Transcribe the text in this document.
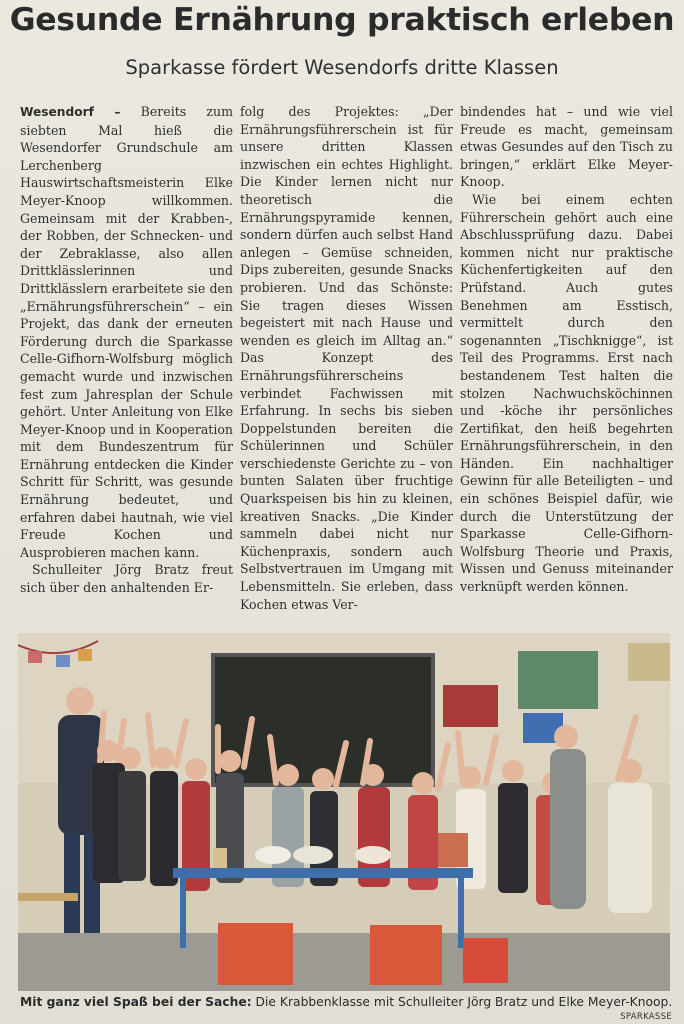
Gesunde Ernährung praktisch erleben
Sparkasse fördert Wesendorfs dritte Klassen

Wesendorf – Bereits zum siebten Mal hieß die Wesendorfer Grundschule am Lerchenberg Hauswirtschaftsmeisterin Elke Meyer-Knoop willkommen. Gemeinsam mit der Krabben-, der Robben, der Schnecken- und der Zebraklasse, also allen Drittklässlerinnen und Drittklässlern erarbeitete sie den „Ernährungsführerschein“ – ein Projekt, das dank der erneuten Förderung durch die Sparkasse Celle-Gifhorn-Wolfsburg möglich gemacht wurde und inzwischen fest zum Jahresplan der Schule gehört. Unter Anleitung von Elke Meyer-Knoop und in Kooperation mit dem Bundeszentrum für Ernährung entdecken die Kinder Schritt für Schritt, was gesunde Ernährung bedeutet, und erfahren dabei hautnah, wie viel Freude Kochen und Ausprobieren machen kann.

Schulleiter Jörg Bratz freut sich über den anhaltenden Er-

folg des Projektes: „Der Ernährungsführerschein ist für unsere dritten Klassen inzwischen ein echtes Highlight. Die Kinder lernen nicht nur theoretisch die Ernährungspyramide kennen, sondern dürfen auch selbst Hand anlegen – Gemüse schneiden, Dips zubereiten, gesunde Snacks probieren. Und das Schönste: Sie tragen dieses Wissen begeistert mit nach Hause und wenden es gleich im Alltag an.“ Das Konzept des Ernährungsführerscheins verbindet Fachwissen mit Erfahrung. In sechs bis sieben Doppelstunden bereiten die Schülerinnen und Schüler verschiedenste Gerichte zu – von bunten Salaten über fruchtige Quarkspeisen bis hin zu kleinen, kreativen Snacks. „Die Kinder sammeln dabei nicht nur Küchenpraxis, sondern auch Selbstvertrauen im Umgang mit Lebensmitteln. Sie erleben, dass Kochen etwas Ver-

bindendes hat – und wie viel Freude es macht, gemeinsam etwas Gesundes auf den Tisch zu bringen,“ erklärt Elke Meyer-Knoop.

Wie bei einem echten Führerschein gehört auch eine Abschlussprüfung dazu. Dabei kommen nicht nur praktische Küchenfertigkeiten auf den Prüfstand. Auch gutes Benehmen am Esstisch, vermittelt durch den sogenannten „Tischknigge“, ist Teil des Programms. Erst nach bestandenem Test halten die stolzen Nachwuchsköchinnen und -köche ihr persönliches Zertifikat, den heiß begehrten Ernährungsführerschein, in den Händen. Ein nachhaltiger Gewinn für alle Beteiligten – und ein schönes Beispiel dafür, wie durch die Unterstützung der Sparkasse Celle-Gifhorn-Wolfsburg Theorie und Praxis, Wissen und Genuss miteinander verknüpft werden können.

Mit ganz viel Spaß bei der Sache: Die Krabbenklasse mit Schulleiter Jörg Bratz und Elke Meyer-Knoop.
SPARKASSE
